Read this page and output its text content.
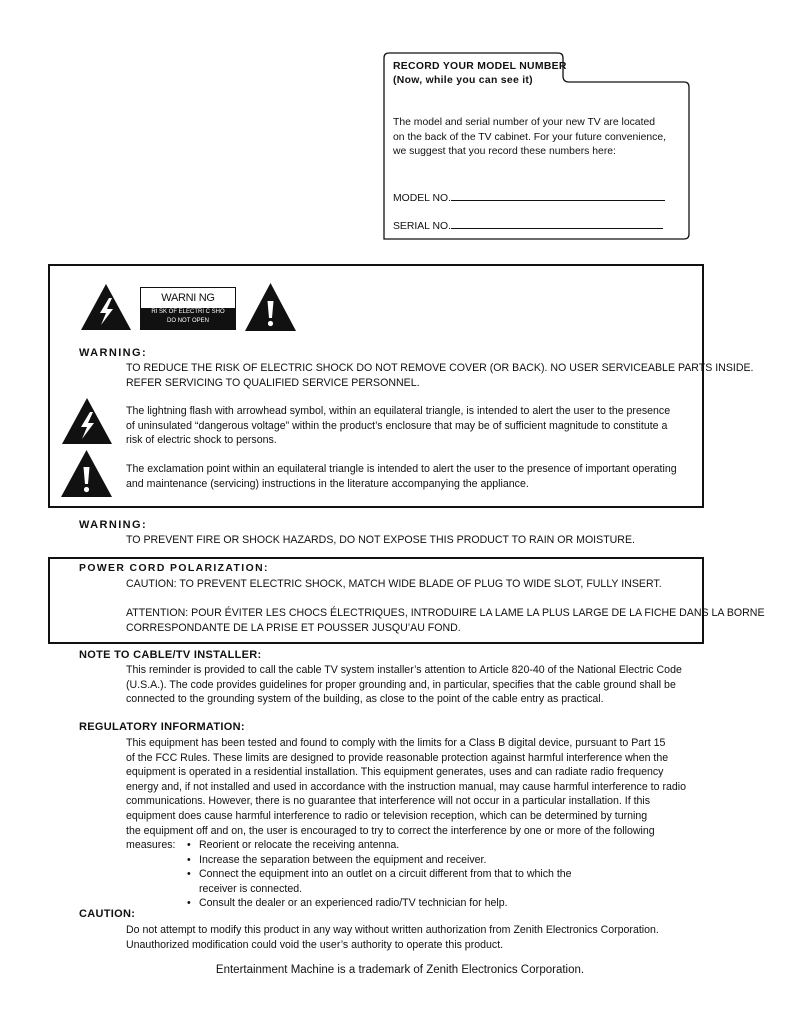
RECORD YOUR MODEL NUMBER
(Now, while you can see it)
The model and serial number of your new TV are located
on the back of the TV cabinet. For your future convenience,
we suggest that you record these numbers here:
MODEL NO.
SERIAL NO.
WARNI NG
RI SK OF ELECTRI C SHO
DO NOT OPEN
WARNING:
TO REDUCE THE RISK OF ELECTRIC SHOCK DO NOT REMOVE COVER (OR BACK). NO USER SERVICEABLE PARTS INSIDE.
REFER SERVICING TO QUALIFIED SERVICE PERSONNEL.
The lightning flash with arrowhead symbol, within an equilateral triangle, is intended to alert the user to the presence
of uninsulated “dangerous voltage” within the product’s enclosure that may be of sufficient magnitude to constitute a
risk of electric shock to persons.
The exclamation point within an equilateral triangle is intended to alert the user to the presence of important operating
and maintenance (servicing) instructions in the literature accompanying the appliance.
WARNING:
TO PREVENT FIRE OR SHOCK HAZARDS, DO NOT EXPOSE THIS PRODUCT TO RAIN OR MOISTURE.
POWER CORD POLARIZATION:
CAUTION: TO PREVENT ELECTRIC SHOCK, MATCH WIDE BLADE OF PLUG TO WIDE SLOT, FULLY INSERT.
ATTENTION: POUR ÉVITER LES CHOCS ÉLECTRIQUES, INTRODUIRE LA LAME LA PLUS LARGE DE LA FICHE DANS LA BORNE
CORRESPONDANTE DE LA PRISE ET POUSSER JUSQU’AU FOND.
NOTE TO CABLE/TV INSTALLER:
This reminder is provided to call the cable TV system installer’s attention to Article 820-40 of the National Electric Code
(U.S.A.). The code provides guidelines for proper grounding and, in particular, specifies that the cable ground shall be
connected to the grounding system of the building, as close to the point of the cable entry as practical.
REGULATORY INFORMATION:
This equipment has been tested and found to comply with the limits for a Class B digital device, pursuant to Part 15
of the FCC Rules. These limits are designed to provide reasonable protection against harmful interference when the
equipment is operated in a residential installation. This equipment generates, uses and can radiate radio frequency
energy and, if not installed and used in accordance with the instruction manual, may cause harmful interference to radio
communications. However, there is no guarantee that interference will not occur in a particular installation. If this
equipment does cause harmful interference to radio or television reception, which can be determined by turning
the equipment off and on, the user is encouraged to try to correct the interference by one or more of the following
measures:
•	Reorient or relocate the receiving antenna.
• Increase the separation between the equipment and receiver.
• Connect the equipment into an outlet on a circuit different from that to which the
receiver is connected.
• Consult the dealer or an experienced radio/TV technician for help.
CAUTION:
Do not attempt to modify this product in any way without written authorization from Zenith Electronics Corporation.
Unauthorized modification could void the user’s authority to operate this product.
Entertainment Machine is a trademark of Zenith Electronics Corporation.
